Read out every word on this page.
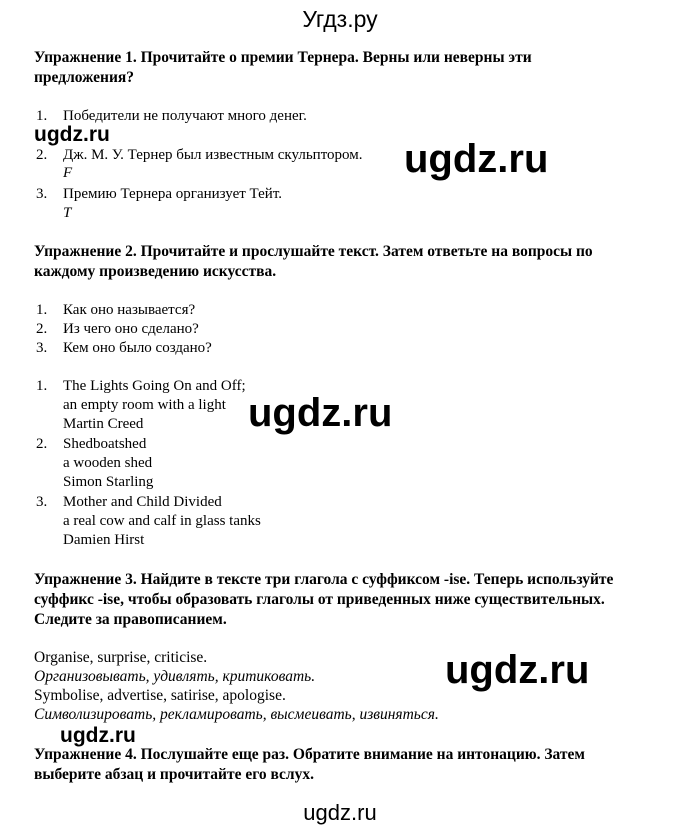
Угдз.ру
Упражнение 1. Прочитайте о премии Тернера. Верны или неверны эти предложения?
1. Победители не получают много денег.
2. Дж. М. У. Тернер был известным скульптором.
F
3. Премию Тернера организует Тейт.
T
Упражнение 2. Прочитайте и прослушайте текст. Затем ответьте на вопросы по каждому произведению искусства.
1. Как оно называется?
2. Из чего оно сделано?
3. Кем оно было создано?
1. The Lights Going On and Off;
an empty room with a light
Martin Creed
2. Shedboatshed
a wooden shed
Simon Starling
3. Mother and Child Divided
a real cow and calf in glass tanks
Damien Hirst
Упражнение 3. Найдите в тексте три глагола с суффиксом -ise. Теперь используйте суффикс -ise, чтобы образовать глаголы от приведенных ниже существительных. Следите за правописанием.
Organise, surprise, criticise.
Организовывать, удивлять, критиковать.
Symbolise, advertise, satirise, apologise.
Символизировать, рекламировать, высмеивать, извиняться.
Упражнение 4. Послушайте еще раз. Обратите внимание на интонацию. Затем выберите абзац и прочитайте его вслух.
ugdz.ru
ugdz.ru
ugdz.ru
ugdz.ru
ugdz.ru
ugdz.ru
